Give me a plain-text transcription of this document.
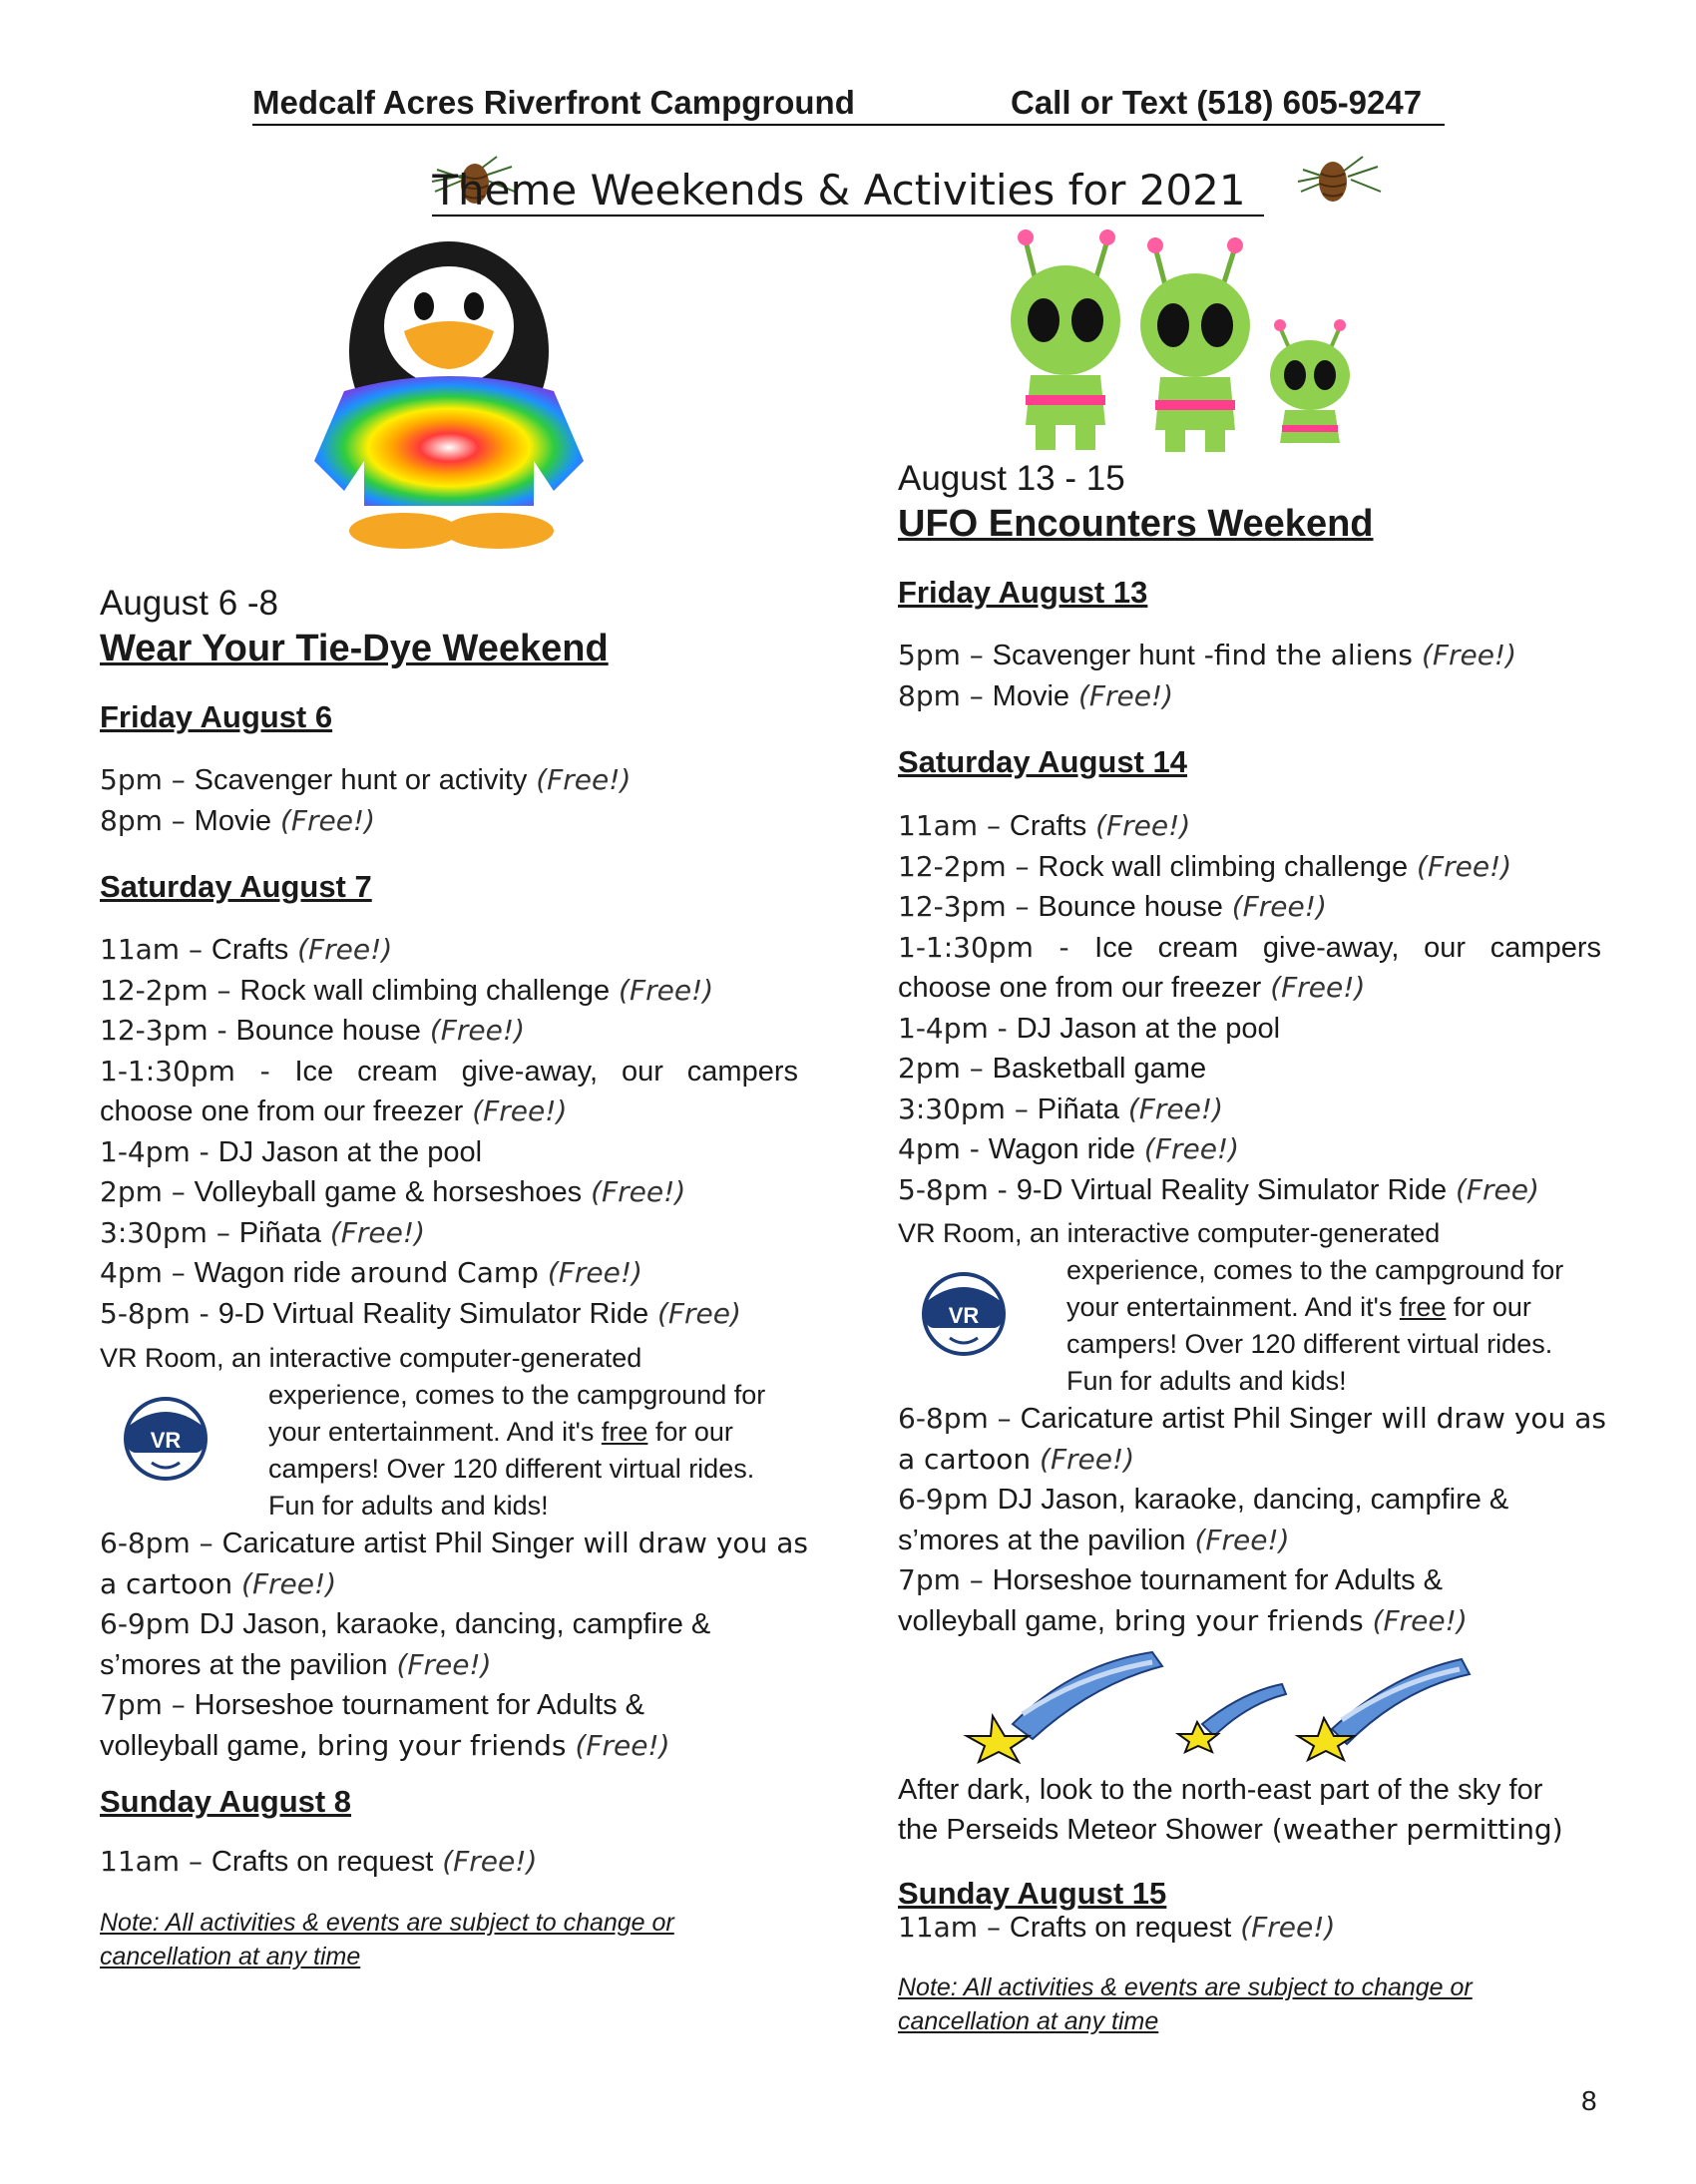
Medcalf Acres Riverfront Campground	Call or Text (518) 605-9247
Theme Weekends & Activities for 2021
August 6 -8
Wear Your Tie-Dye Weekend
Friday August 6
5pm – Scavenger hunt or activity (Free!)
8pm – Movie (Free!)
Saturday August 7
11am – Crafts (Free!)
12-2pm – Rock wall climbing challenge (Free!)
12-3pm - Bounce house (Free!)
1-1:30pm - Ice cream give-away, our campers
choose one from our freezer (Free!)
1-4pm - DJ Jason at the pool
2pm – Volleyball game & horseshoes (Free!)
3:30pm – Piñata (Free!)
4pm – Wagon ride around Camp (Free!)
5-8pm - 9-D Virtual Reality Simulator Ride (Free)
VR Room, an interactive computer-generated
VR
experience, comes to the campground for
your entertainment. And it's free for our
campers! Over 120 different virtual rides.
Fun for adults and kids!
6-8pm – Caricature artist Phil Singer will draw you as
a cartoon (Free!)
6-9pm DJ Jason, karaoke, dancing, campfire &
s’mores at the pavilion (Free!)
7pm – Horseshoe tournament for Adults &
volleyball game, bring your friends (Free!)
Sunday August 8
11am – Crafts on request (Free!)
Note: All activities & events are subject to change or
cancellation at any time
August 13 - 15
UFO Encounters Weekend
Friday August 13
5pm – Scavenger hunt -find the aliens (Free!)
8pm – Movie (Free!)
Saturday August 14
11am – Crafts (Free!)
12-2pm – Rock wall climbing challenge (Free!)
12-3pm – Bounce house (Free!)
1-1:30pm - Ice cream give-away, our campers
choose one from our freezer (Free!)
1-4pm - DJ Jason at the pool
2pm – Basketball game
3:30pm – Piñata (Free!)
4pm - Wagon ride (Free!)
5-8pm - 9-D Virtual Reality Simulator Ride (Free)
VR Room, an interactive computer-generated
VR
experience, comes to the campground for
your entertainment. And it's free for our
campers! Over 120 different virtual rides.
Fun for adults and kids!
6-8pm – Caricature artist Phil Singer will draw you as
a cartoon (Free!)
6-9pm DJ Jason, karaoke, dancing, campfire &
s’mores at the pavilion (Free!)
7pm – Horseshoe tournament for Adults &
volleyball game, bring your friends (Free!)
After dark, look to the north-east part of the sky for
the Perseids Meteor Shower (weather permitting)
Sunday August 15
11am – Crafts on request (Free!)
Note: All activities & events are subject to change or
cancellation at any time
8
